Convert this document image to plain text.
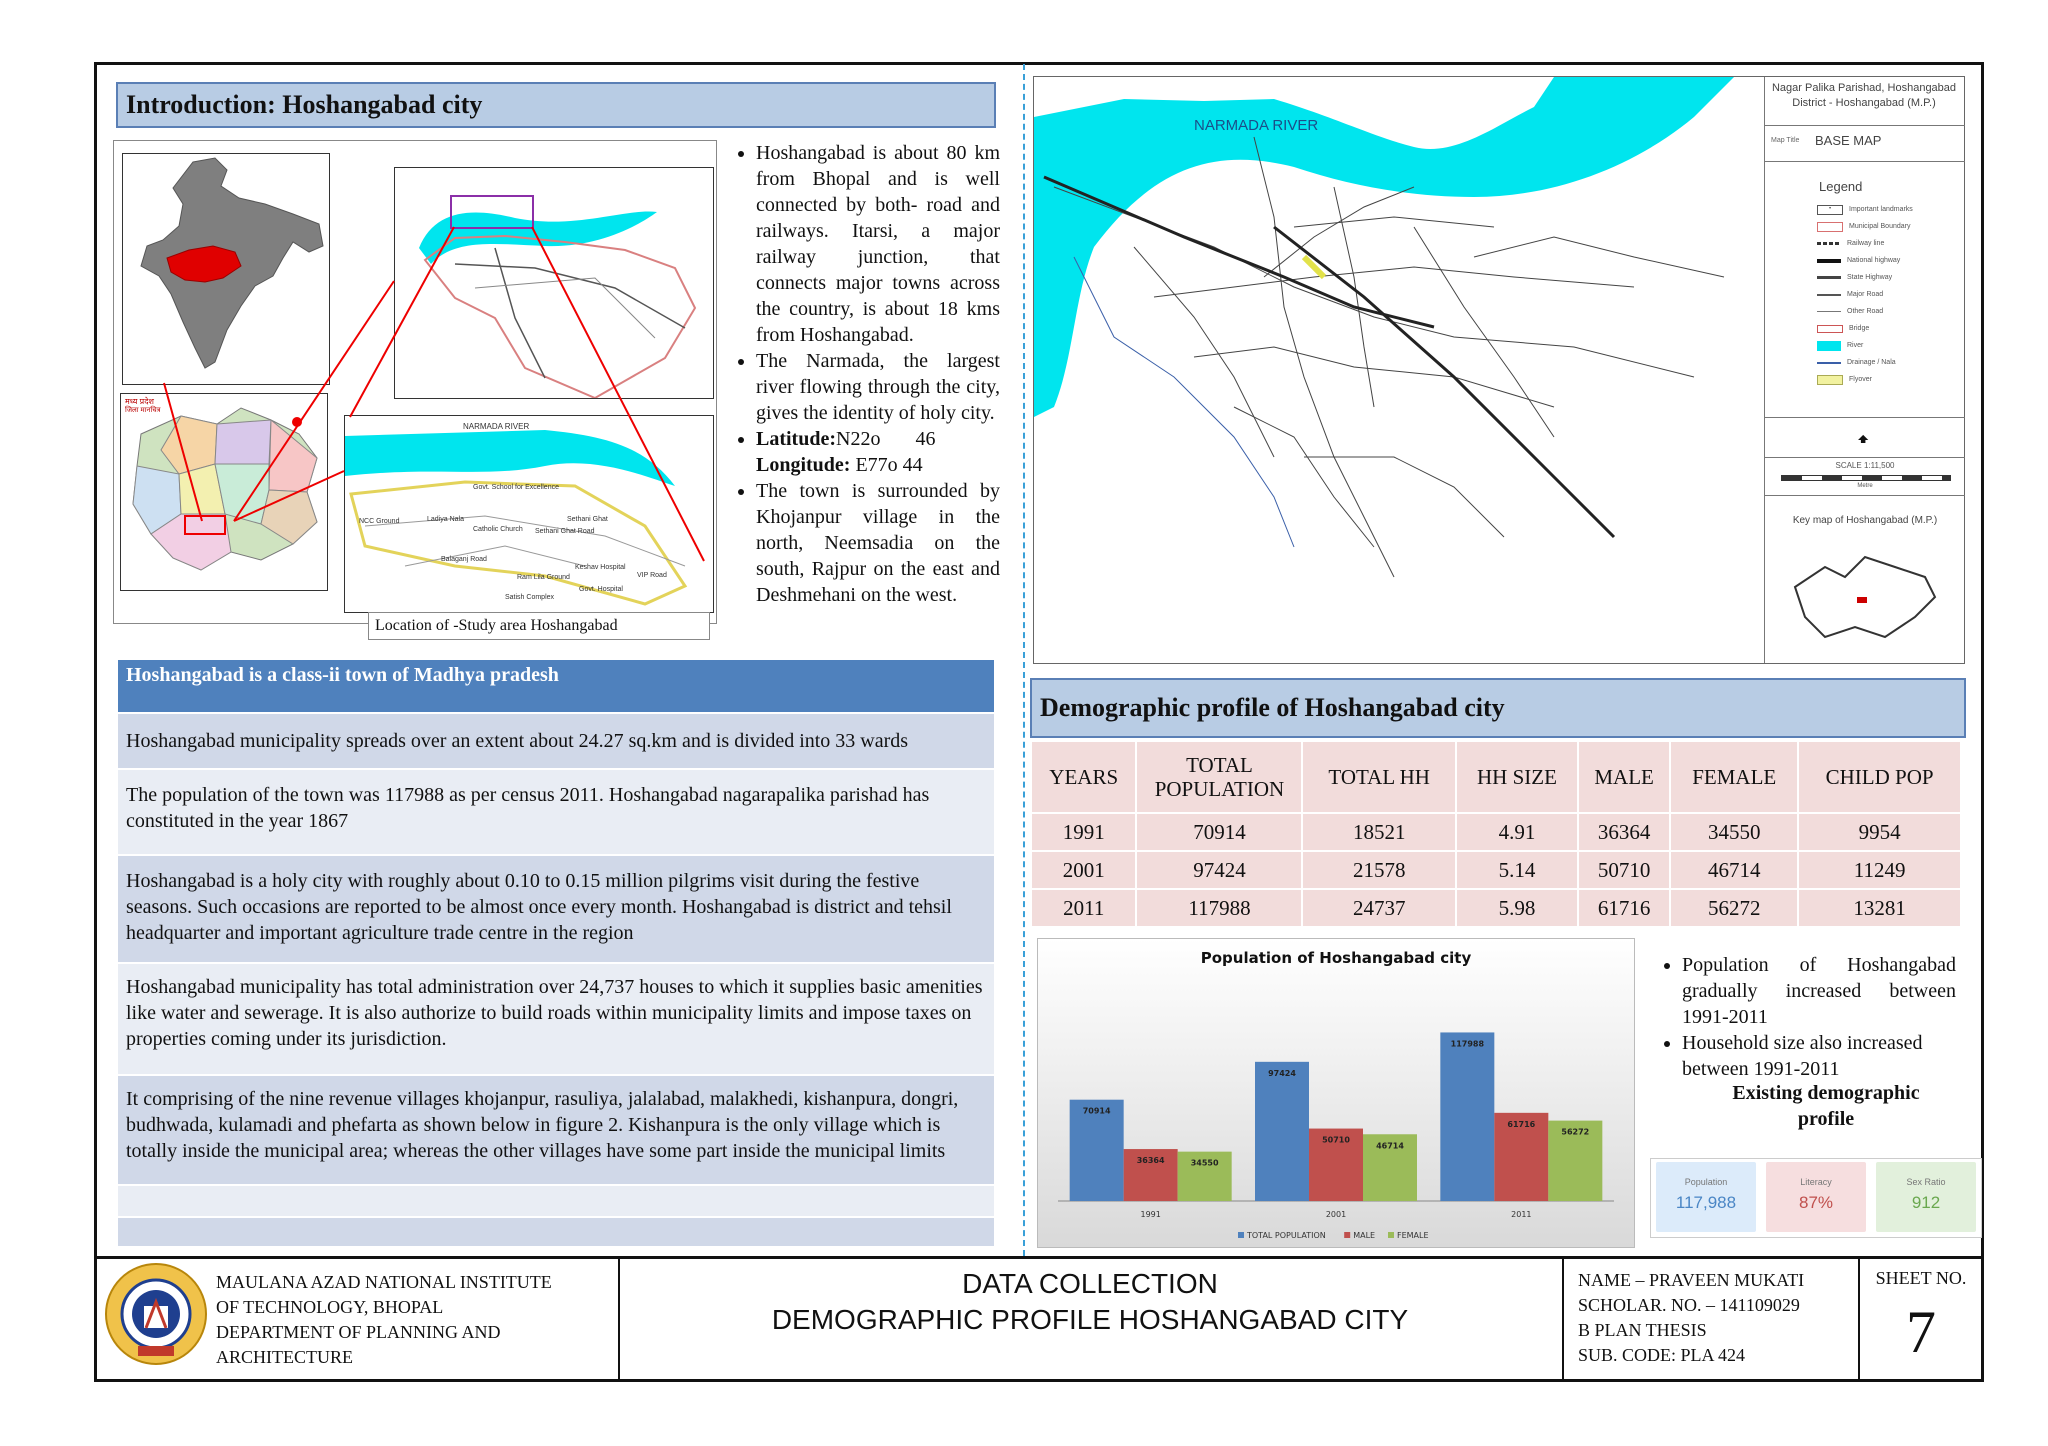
Introduction: Hoshangabad city
मध्य प्रदेश
जिला मानचित्र
NARMADA RIVER
Govt. School for Excellence
NCC Ground	Ladiya Nala
Catholic Church
Sethani Ghat
Sethani Ghat Road
Balaganj Road
Ram Lila Ground
Keshav Hospital
VIP Road
Govt. Hospital
Satish Complex
Location of -Study area Hoshangabad
• Hoshangabad is about 80 km from Bhopal and is well connected by both- road and railways. Itarsi, a major railway junction, that connects major towns across the country, is about 18 kms from Hoshangabad.
• The Narmada, the largest river flowing through the city, gives the identity of holy city.
• Latitude:N22o       46
Longitude: E77o 44
• The town is surrounded by Khojanpur village in the north, Neemsadia on the south, Rajpur on the east and Deshmehani on the west.
Hoshangabad is a class-ii town of Madhya pradesh
Hoshangabad municipality spreads over an extent about 24.27 sq.km and is divided into 33 wards
The population of the town was 117988 as per census 2011. Hoshangabad nagarapalika parishad has constituted in the year 1867
Hoshangabad is a holy city with roughly about 0.10 to 0.15 million pilgrims visit during the festive seasons. Such occasions are reported to be almost once every month. Hoshangabad is district and tehsil headquarter and important agriculture trade centre in the region
Hoshangabad municipality has total administration over 24,737 houses to which it supplies basic amenities like water and sewerage. It is also authorize to build roads within municipality limits and impose taxes on properties coming under its jurisdiction.
It comprising of the nine revenue villages khojanpur, rasuliya, jalalabad, malakhedi, kishanpura, dongri, budhwada, kulamadi and phefarta as shown below in figure 2. Kishanpura is the only village which is totally inside the municipal area; whereas the other villages have some part inside the municipal limits
NARMADA RIVER
Nagar Palika Parishad, Hoshangabad District - Hoshangabad (M.P.)
Map Title BASE MAP
Legend
•	Important landmarks
Municipal Boundary
Railway line
National highway
State Highway
Major Road
Other Road
Bridge
River
Drainage / Nala
Flyover
🠹
SCALE 1:11,500
Metre
Key map of Hoshangabad (M.P.)
Demographic profile of Hoshangabad city
YEARS	TOTAL POPULATION	TOTAL HH	HH SIZE	MALE	FEMALE	CHILD POP
1991	70914	18521	4.91	36364	34550	9954
2001	97424	21578	5.14	50710	46714	11249
2011	117988	24737	5.98	61716	56272	13281
Population of Hoshangabad city
70914
36364	34550
1991
97424
50710
46714
2001
117988
61716
56272
2011
TOTAL POPULATION	MALE	FEMALE
• Population of Hoshangabad gradually increased between 1991-2011
• Household size also increased between 1991-2011
Existing demographic profile
Population
117,988
Literacy
87%
Sex Ratio
912
MAULANA AZAD NATIONAL INSTITUTE
OF TECHNOLOGY, BHOPAL
DEPARTMENT OF PLANNING AND
ARCHITECTURE
DATA COLLECTION
DEMOGRAPHIC PROFILE HOSHANGABAD CITY
NAME – PRAVEEN MUKATI
SCHOLAR. NO. – 141109029
B PLAN THESIS
SUB. CODE: PLA 424
SHEET NO.
7
